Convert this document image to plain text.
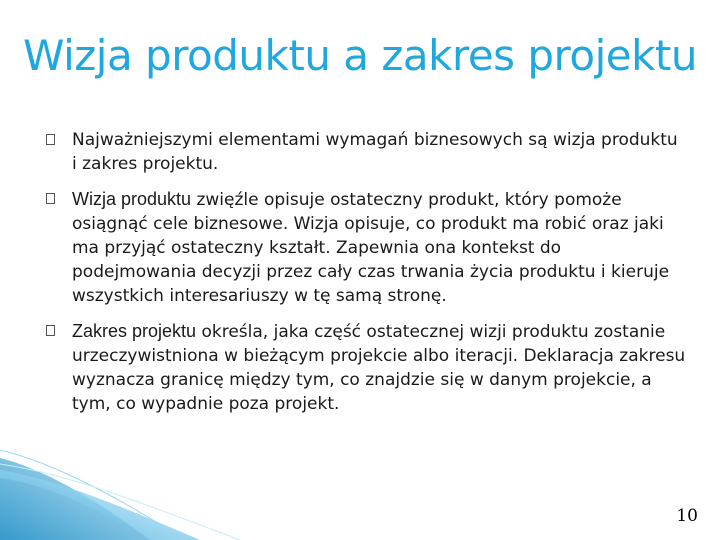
Wizja produktu a zakres projektu
Najważniejszymi elementami wymagań biznesowych są wizja produktu i zakres projektu.
Wizja produktu zwięźle opisuje ostateczny produkt, który pomoże osiągnąć cele biznesowe. Wizja opisuje, co produkt ma robić oraz jaki ma przyjąć ostateczny kształt. Zapewnia ona kontekst do podejmowania decyzji przez cały czas trwania życia produktu i kieruje wszystkich interesariuszy w tę samą stronę.
Zakres projektu określa, jaka część ostatecznej wizji produktu zostanie urzeczywistniona w bieżącym projekcie albo iteracji. Deklaracja zakresu wyznacza granicę między tym, co znajdzie się w danym projekcie, a tym, co wypadnie poza projekt.
10
